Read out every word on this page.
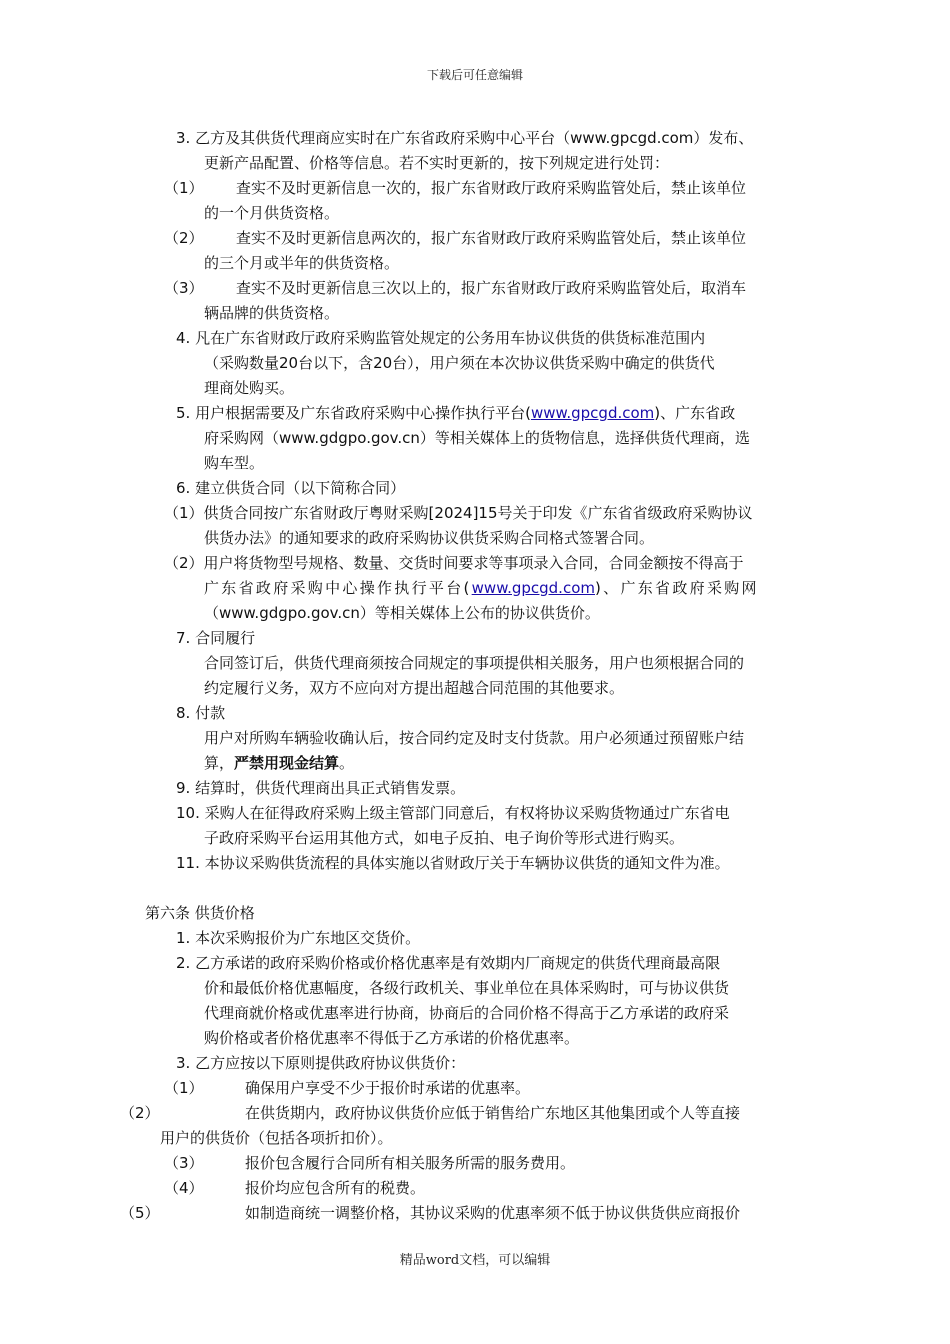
下载后可任意编辑
3. 乙方及其供货代理商应实时在广东省政府采购中心平台（www.gpcgd.com）发布、
更新产品配置、价格等信息。若不实时更新的，按下列规定进行处罚：
（1） 查实不及时更新信息一次的，报广东省财政厅政府采购监管处后，禁止该单位
的一个月供货资格。
（2） 查实不及时更新信息两次的，报广东省财政厅政府采购监管处后，禁止该单位
的三个月或半年的供货资格。
（3） 查实不及时更新信息三次以上的，报广东省财政厅政府采购监管处后，取消车
辆品牌的供货资格。
4. 凡在广东省财政厅政府采购监管处规定的公务用车协议供货的供货标准范围内
（采购数量20台以下，含20台），用户须在本次协议供货采购中确定的供货代
理商处购买。
5. 用户根据需要及广东省政府采购中心操作执行平台(www.gpcgd.com)、广东省政
府采购网（www.gdgpo.gov.cn）等相关媒体上的货物信息，选择供货代理商，选
购车型。
6. 建立供货合同（以下简称合同）
（1）供货合同按广东省财政厅粤财采购[2024]15号关于印发《广东省省级政府采购协议
供货办法》的通知要求的政府采购协议供货采购合同格式签署合同。
（2）用户将货物型号规格、数量、交货时间要求等事项录入合同，合同金额按不得高于
广东省政府采购中心操作执行平台(www.gpcgd.com)、广东省政府采购网
（www.gdgpo.gov.cn）等相关媒体上公布的协议供货价。
7. 合同履行
合同签订后，供货代理商须按合同规定的事项提供相关服务，用户也须根据合同的
约定履行义务，双方不应向对方提出超越合同范围的其他要求。
8. 付款
用户对所购车辆验收确认后，按合同约定及时支付货款。用户必须通过预留账户结
算，严禁用现金结算。
9. 结算时，供货代理商出具正式销售发票。
10. 采购人在征得政府采购上级主管部门同意后，有权将协议采购货物通过广东省电
子政府采购平台运用其他方式，如电子反拍、电子询价等形式进行购买。
11. 本协议采购供货流程的具体实施以省财政厅关于车辆协议供货的通知文件为准。
第六条 供货价格
1. 本次采购报价为广东地区交货价。
2. 乙方承诺的政府采购价格或价格优惠率是有效期内厂商规定的供货代理商最高限
价和最低价格优惠幅度，各级行政机关、事业单位在具体采购时，可与协议供货
代理商就价格或优惠率进行协商，协商后的合同价格不得高于乙方承诺的政府采
购价格或者价格优惠率不得低于乙方承诺的价格优惠率。
3. 乙方应按以下原则提供政府协议供货价：
（1）	确保用户享受不少于报价时承诺的优惠率。
（2）	在供货期内，政府协议供货价应低于销售给广东地区其他集团或个人等直接
用户的供货价（包括各项折扣价）。
（3）	报价包含履行合同所有相关服务所需的服务费用。
（4）	报价均应包含所有的税费。
（5）	如制造商统一调整价格，其协议采购的优惠率须不低于协议供货供应商报价
精品word文档，可以编辑
